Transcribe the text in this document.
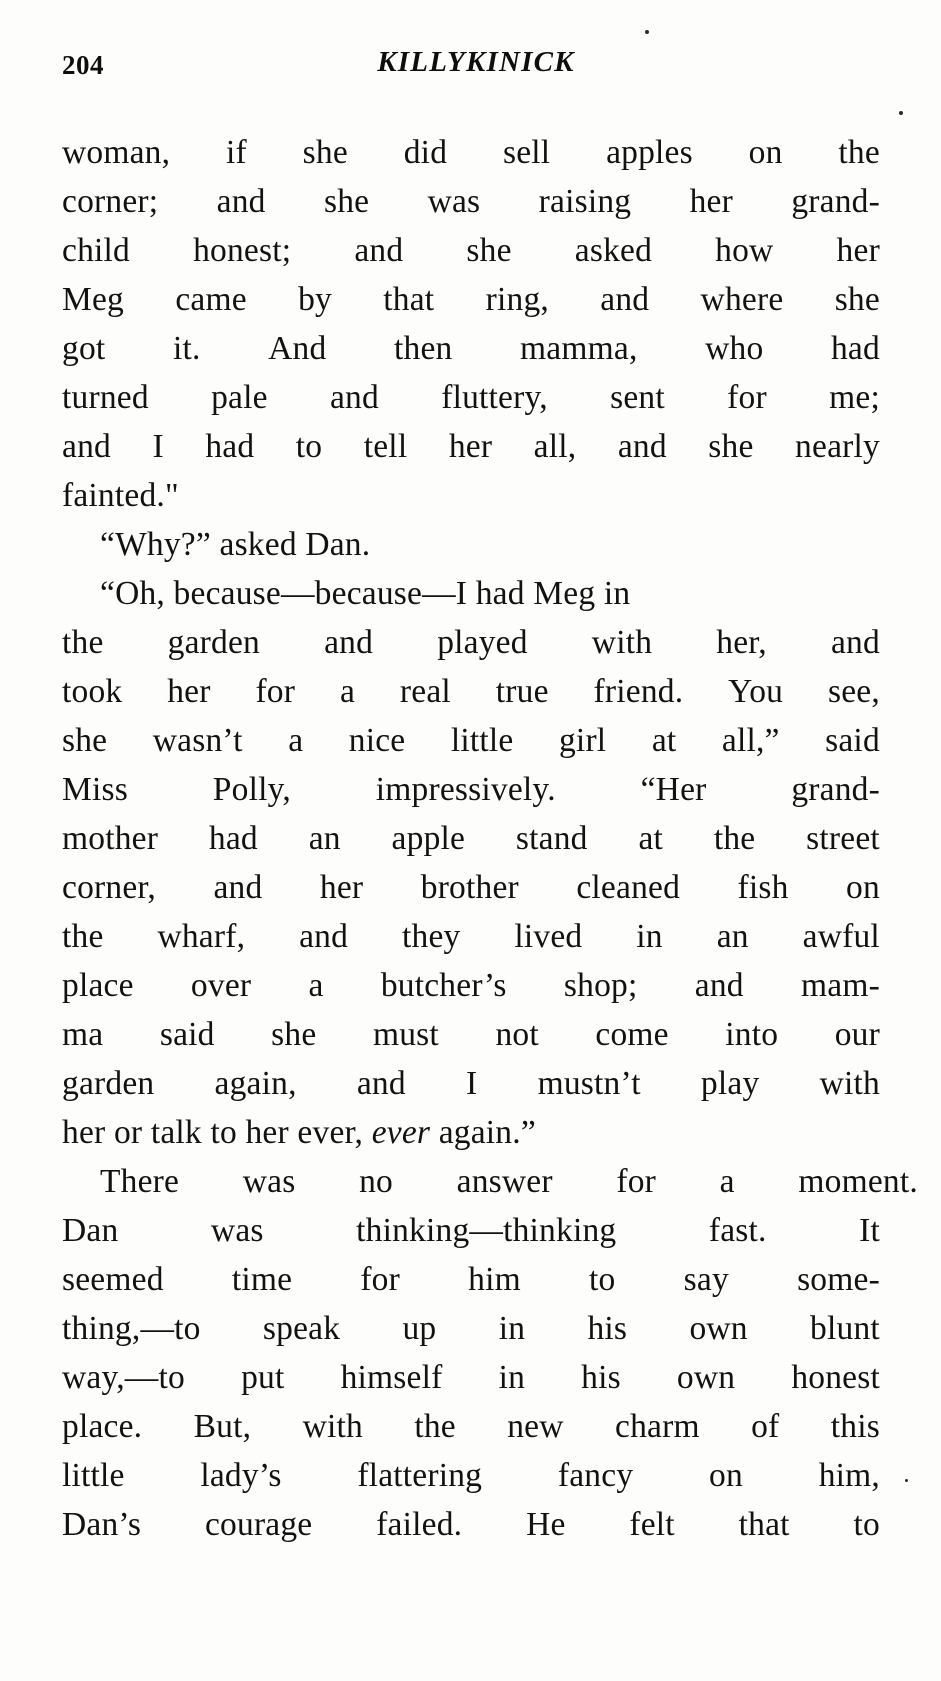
204	KILLYKINICK
woman, if she did sell apples on the
corner; and she was raising her grand-
child honest; and she asked how her
Meg came by that ring, and where she
got it. And then mamma, who had
turned pale and fluttery, sent for me;
and I had to tell her all, and she nearly
fainted."
“Why?” asked Dan.
“Oh, because—because—I had Meg in
the garden and played with her, and
took her for a real true friend. You see,
she wasn’t a nice little girl at all,” said
Miss	Polly,	impressively.	“Her	grand-
mother had an apple stand at the street
corner, and her brother cleaned fish on
the wharf, and they lived in an awful
place over a butcher’s shop; and mam-
ma said she must not come into our
garden again, and I mustn’t play with
her or talk to her ever, ever again.”
There was no answer for a moment.
Dan	was	thinking—thinking	fast.	It
seemed time for him to say some-
thing,—to speak up in his own blunt
way,—to put himself in his own honest
place. But, with the new charm of this
little lady’s flattering fancy on him,
Dan’s courage failed. He felt that to
